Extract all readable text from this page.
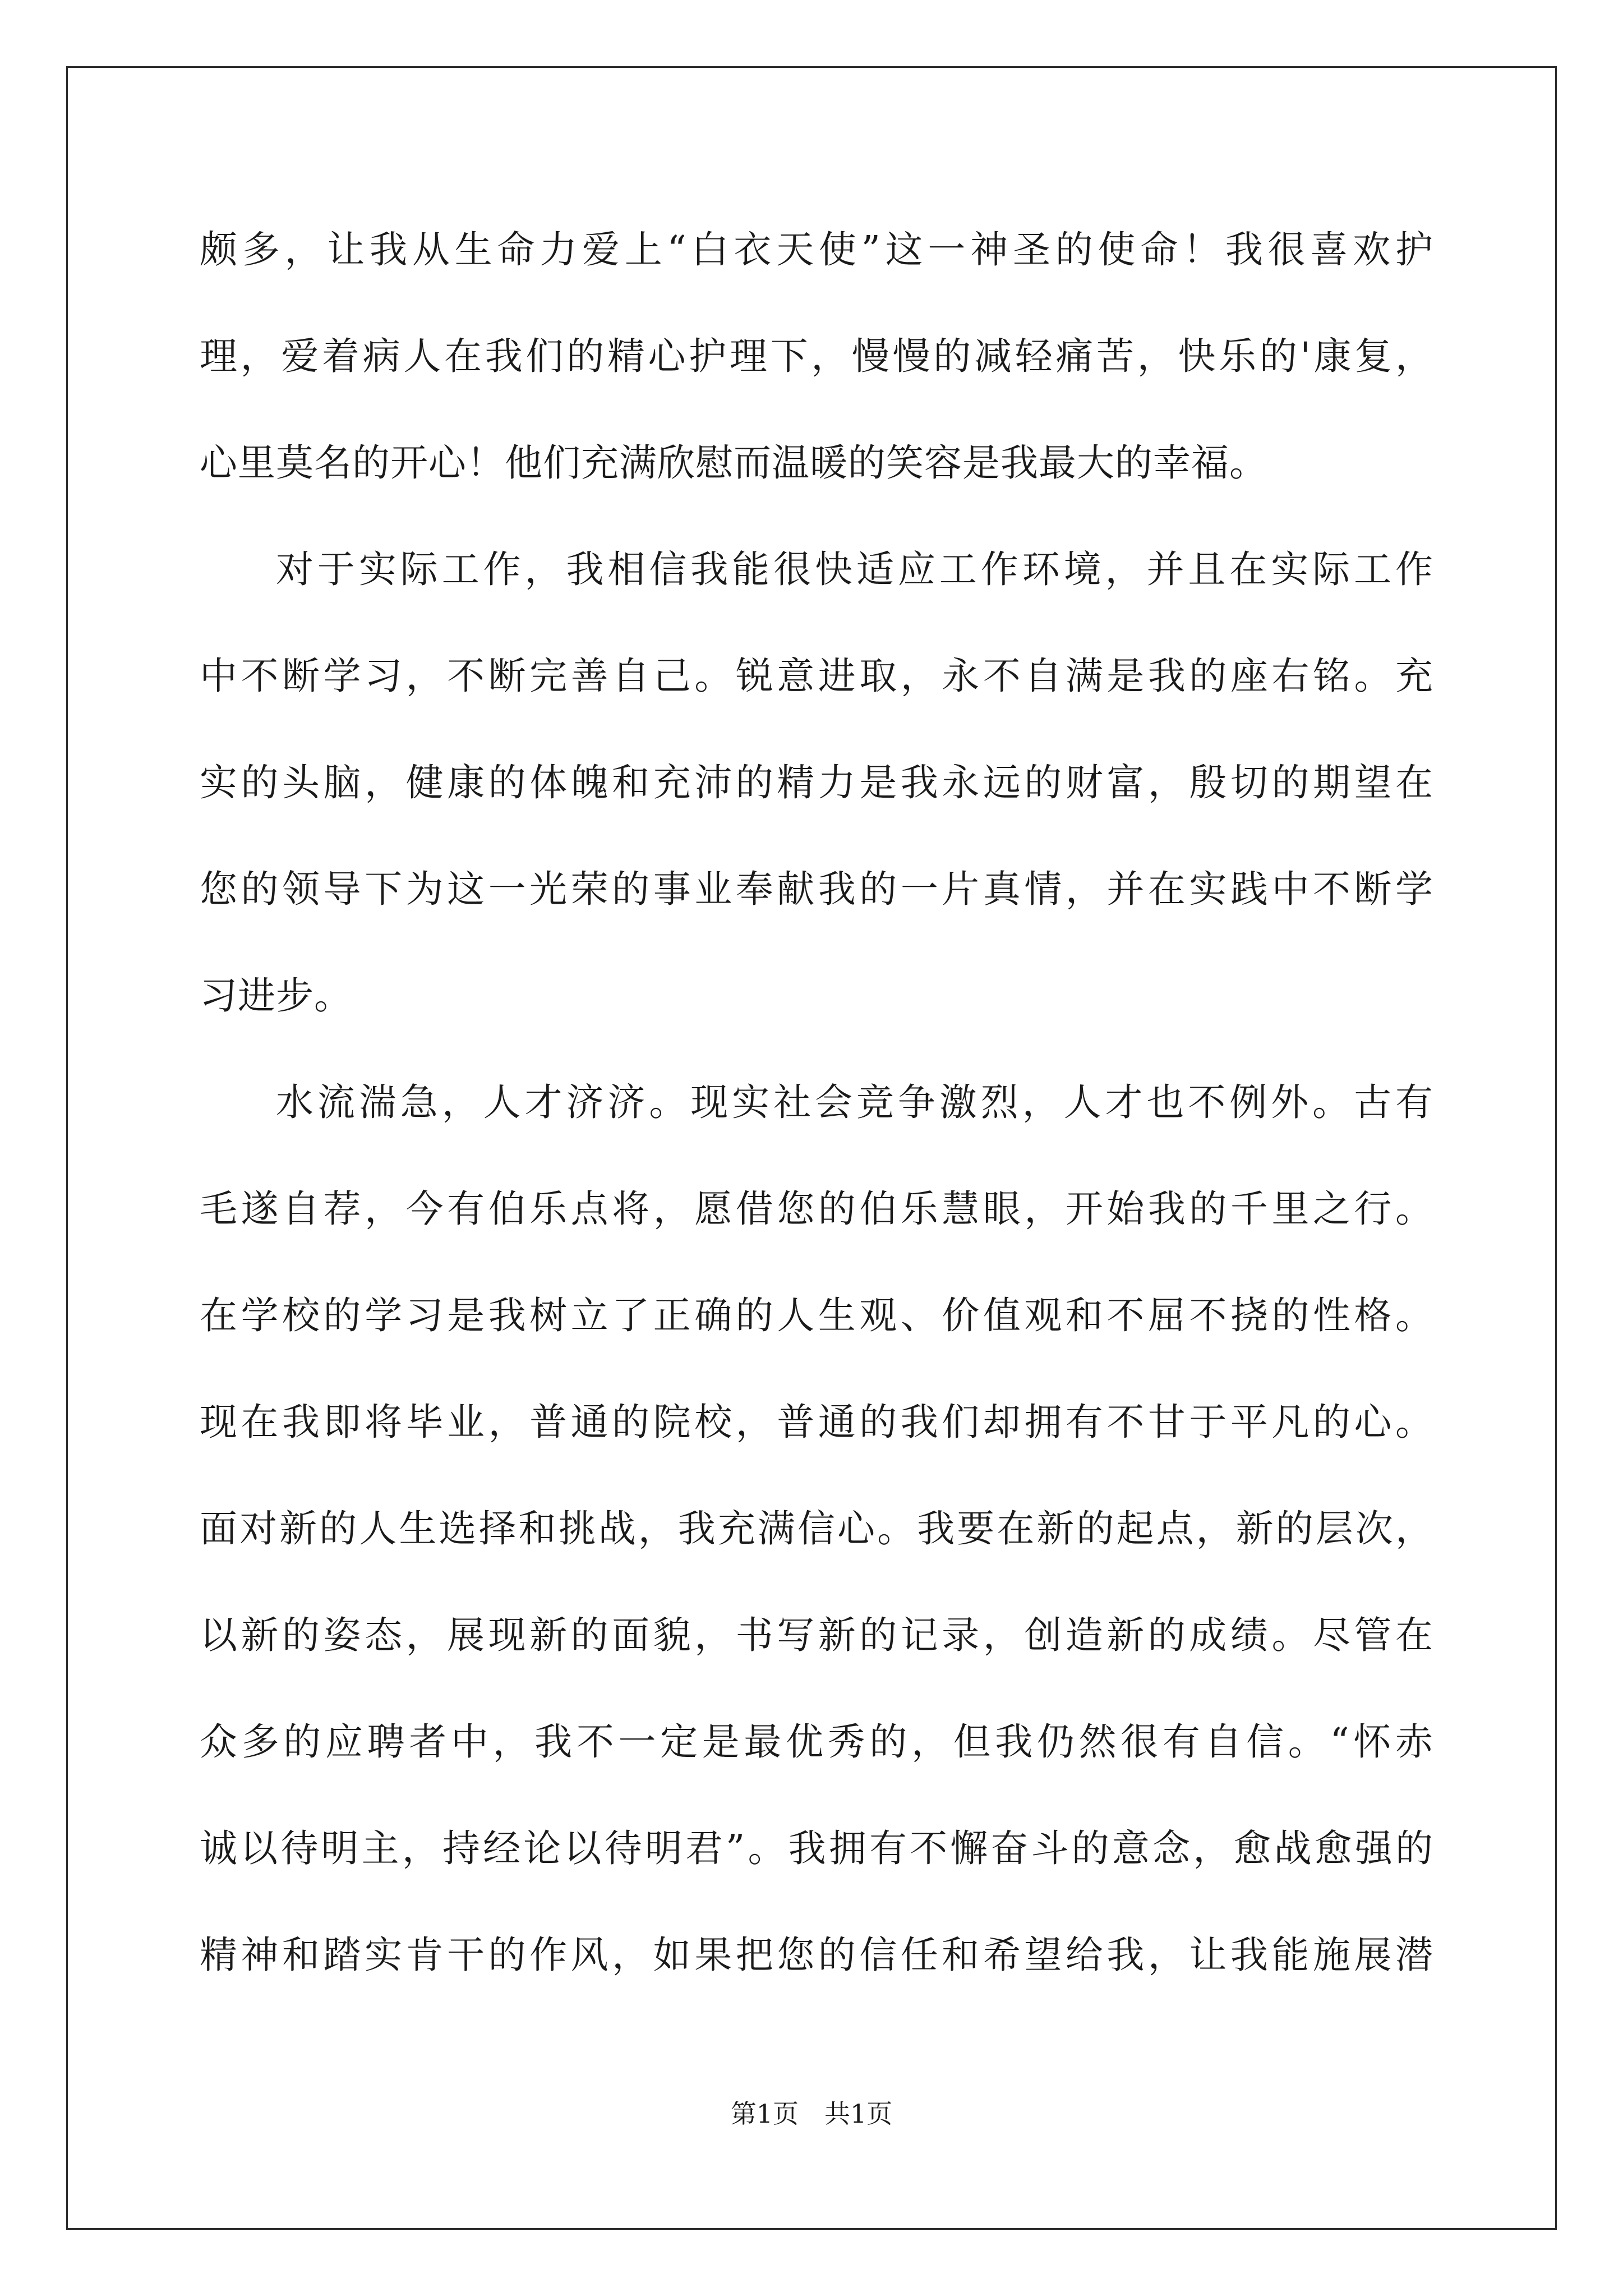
颇多，让我从生命力爱上“白衣天使”这一神圣的使命！我很喜欢护
理，爱着病人在我们的精心护理下，慢慢的减轻痛苦，快乐的'康复，
心里莫名的开心！他们充满欣慰而温暖的笑容是我最大的幸福。
对于实际工作，我相信我能很快适应工作环境，并且在实际工作
中不断学习，不断完善自己。锐意进取，永不自满是我的座右铭。充
实的头脑，健康的体魄和充沛的精力是我永远的财富，殷切的期望在
您的领导下为这一光荣的事业奉献我的一片真情，并在实践中不断学
习进步。
水流湍急，人才济济。现实社会竞争激烈，人才也不例外。古有
毛遂自荐，今有伯乐点将，愿借您的伯乐慧眼，开始我的千里之行。
在学校的学习是我树立了正确的人生观、价值观和不屈不挠的性格。
现在我即将毕业，普通的院校，普通的我们却拥有不甘于平凡的心。
面对新的人生选择和挑战，我充满信心。我要在新的起点，新的层次，
以新的姿态，展现新的面貌，书写新的记录，创造新的成绩。尽管在
众多的应聘者中，我不一定是最优秀的，但我仍然很有自信。“怀赤
诚以待明主，持经论以待明君”。我拥有不懈奋斗的意念，愈战愈强的
精神和踏实肯干的作风，如果把您的信任和希望给我，让我能施展潜
第1页 共1页
